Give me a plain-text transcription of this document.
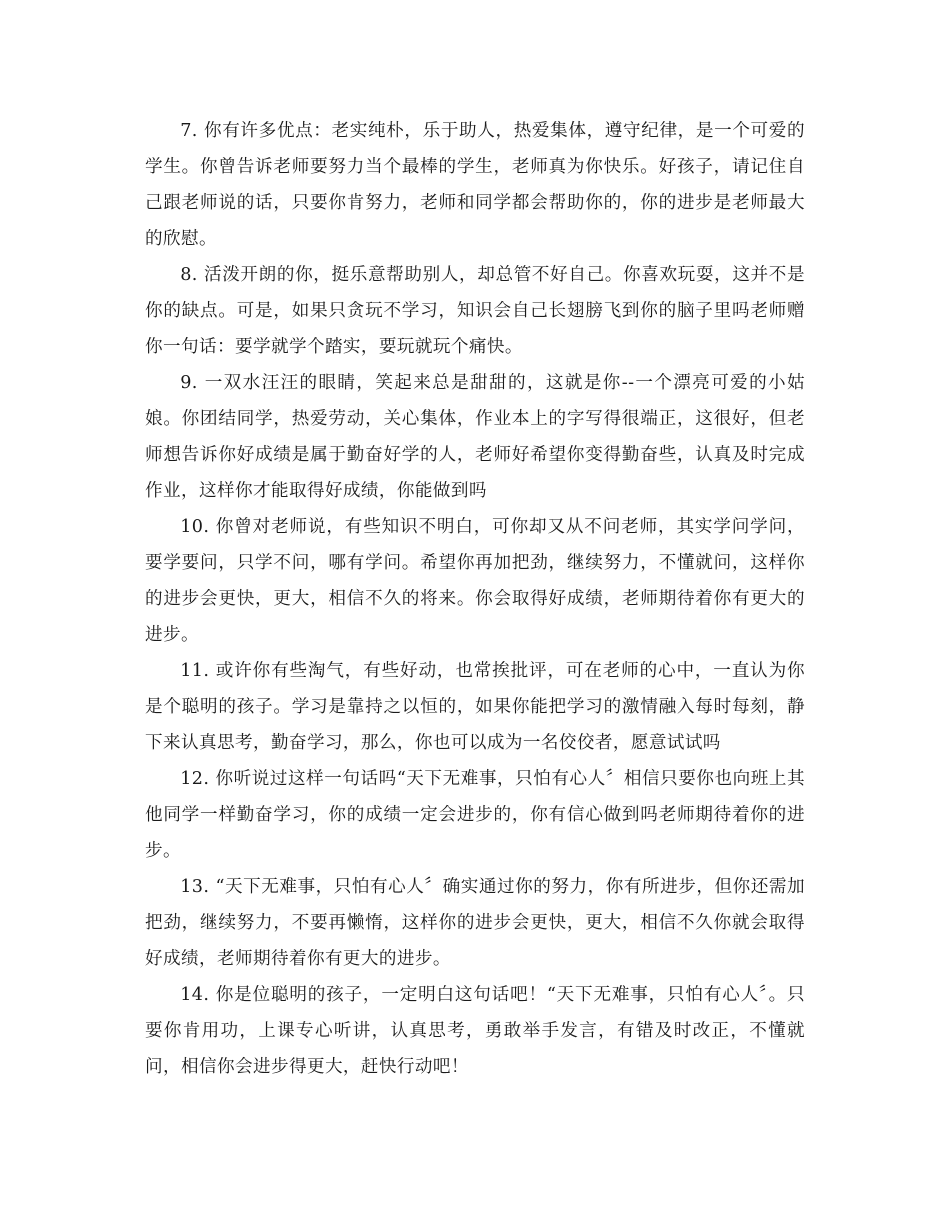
7. 你有许多优点：老实纯朴，乐于助人，热爱集体，遵守纪律，是一个可爱的学生。你曾告诉老师要努力当个最棒的学生，老师真为你快乐。好孩子，请记住自己跟老师说的话，只要你肯努力，老师和同学都会帮助你的，你的进步是老师最大的欣慰。

8. 活泼开朗的你，挺乐意帮助别人，却总管不好自己。你喜欢玩耍，这并不是你的缺点。可是，如果只贪玩不学习，知识会自己长翅膀飞到你的脑子里吗老师赠你一句话：要学就学个踏实，要玩就玩个痛快。

9. 一双水汪汪的眼睛，笑起来总是甜甜的，这就是你--一个漂亮可爱的小姑娘。你团结同学，热爱劳动，关心集体，作业本上的字写得很端正，这很好，但老师想告诉你好成绩是属于勤奋好学的人，老师好希望你变得勤奋些，认真及时完成作业，这样你才能取得好成绩，你能做到吗

10. 你曾对老师说，有些知识不明白，可你却又从不问老师，其实学问学问，要学要问，只学不问，哪有学问。希望你再加把劲，继续努力，不懂就问，这样你的进步会更快，更大，相信不久的将来。你会取得好成绩，老师期待着你有更大的进步。

11. 或许你有些淘气，有些好动，也常挨批评，可在老师的心中，一直认为你是个聪明的孩子。学习是靠持之以恒的，如果你能把学习的激情融入每时每刻，静下来认真思考，勤奋学习，那么，你也可以成为一名佼佼者，愿意试试吗

12. 你听说过这样一句话吗“天下无难事，只怕有心人〞相信只要你也向班上其他同学一样勤奋学习，你的成绩一定会进步的，你有信心做到吗老师期待着你的进步。

13. “天下无难事，只怕有心人〞确实通过你的努力，你有所进步，但你还需加把劲，继续努力，不要再懒惰，这样你的进步会更快，更大，相信不久你就会取得好成绩，老师期待着你有更大的进步。

14. 你是位聪明的孩子，一定明白这句话吧！“天下无难事，只怕有心人〞。只要你肯用功，上课专心听讲，认真思考，勇敢举手发言，有错及时改正，不懂就问，相信你会进步得更大，赶快行动吧！
